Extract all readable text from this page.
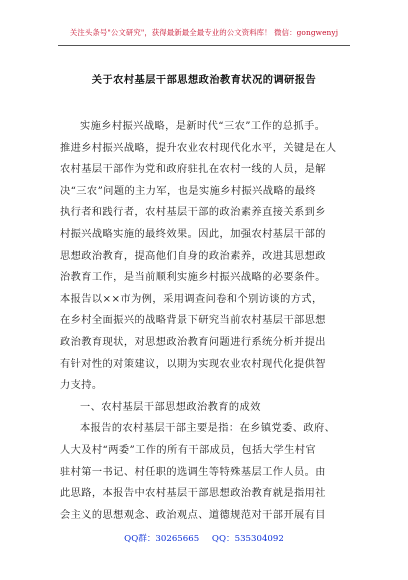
关注头条号"公文研究"，获得最新最全最专业的公文资料库！ 微信：gongwenyj
关于农村基层干部思想政治教育状况的调研报告
实施乡村振兴战略，是新时代“三农”工作的总抓手。
推进乡村振兴战略，提升农业农村现代化水平，关键是在人
农村基层干部作为党和政府驻扎在农村一线的人员，是解
决“三农”问题的主力军，也是实施乡村振兴战略的最终
执行者和践行者，农村基层干部的政治素养直接关系到乡
村振兴战略实施的最终效果。因此，加强农村基层干部的
思想政治教育，提高他们自身的政治素养，改进其思想政
治教育工作，是当前顺利实施乡村振兴战略的必要条件。
本报告以××市为例，采用调查问卷和个别访谈的方式，
在乡村全面振兴的战略背景下研究当前农村基层干部思想
政治教育现状，对思想政治教育问题进行系统分析并提出
有针对性的对策建议，以期为实现农业农村现代化提供智
力支持。
一、农村基层干部思想政治教育的成效
本报告的农村基层干部主要是指：在乡镇党委、政府、
人大及村“两委”工作的所有干部成员，包括大学生村官
驻村第一书记、村任职的选调生等特殊基层工作人员。由
此思路，本报告中农村基层干部思想政治教育就是指用社
会主义的思想观念、政治观点、道德规范对干部开展有目
QQ群：30265665 QQ：535304092
